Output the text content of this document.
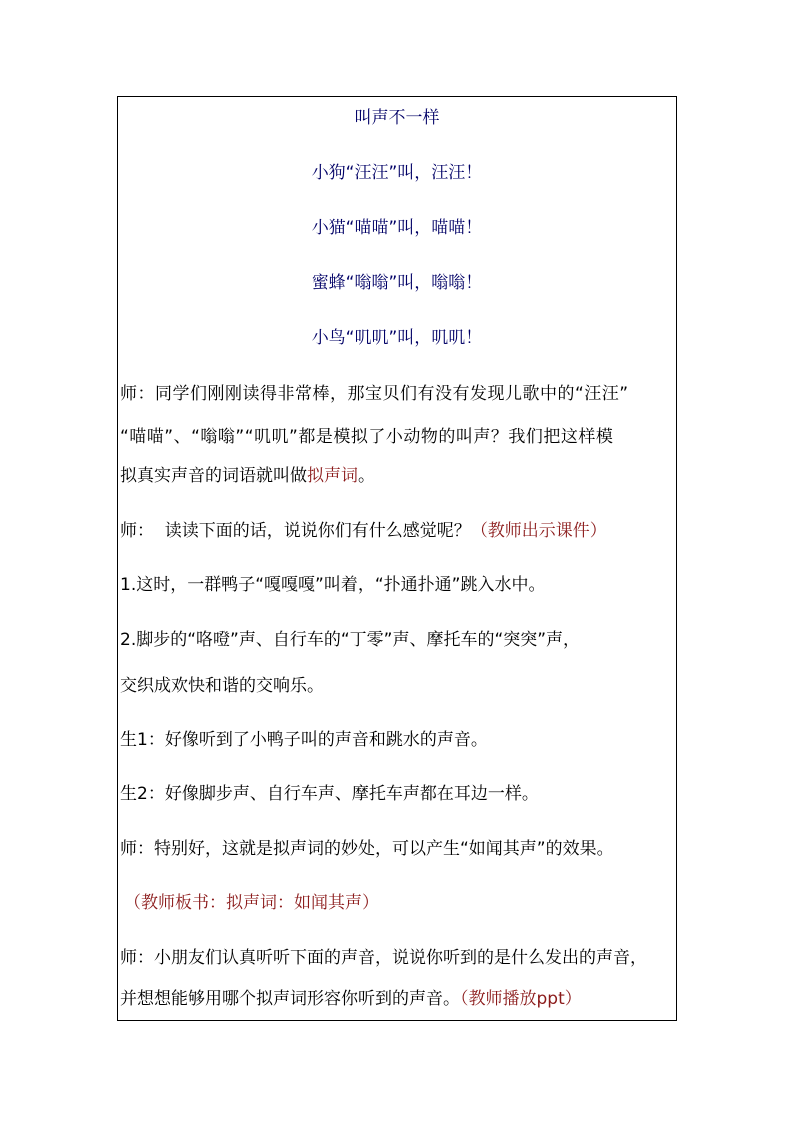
叫声不一样
小狗“汪汪”叫，汪汪！
小猫“喵喵”叫，喵喵！
蜜蜂“嗡嗡”叫，嗡嗡！
小鸟“叽叽”叫，叽叽！
师：同学们刚刚读得非常棒，那宝贝们有没有发现儿歌中的“汪汪”
“喵喵”、“嗡嗡”“叽叽”都是模拟了小动物的叫声？我们把这样模
拟真实声音的词语就叫做拟声词。
师：  读读下面的话，说说你们有什么感觉呢？（教师出示课件）
1.这时，一群鸭子“嘎嘎嘎”叫着，“扑通扑通”跳入水中。
2.脚步的“咯噔”声、自行车的“丁零”声、摩托车的“突突”声，
交织成欢快和谐的交响乐。
生1：好像听到了小鸭子叫的声音和跳水的声音。
生2：好像脚步声、自行车声、摩托车声都在耳边一样。
师：特别好，这就是拟声词的妙处，可以产生“如闻其声”的效果。
（教师板书：拟声词：如闻其声）
师：小朋友们认真听听下面的声音，说说你听到的是什么发出的声音，
并想想能够用哪个拟声词形容你听到的声音。（教师播放ppt）
